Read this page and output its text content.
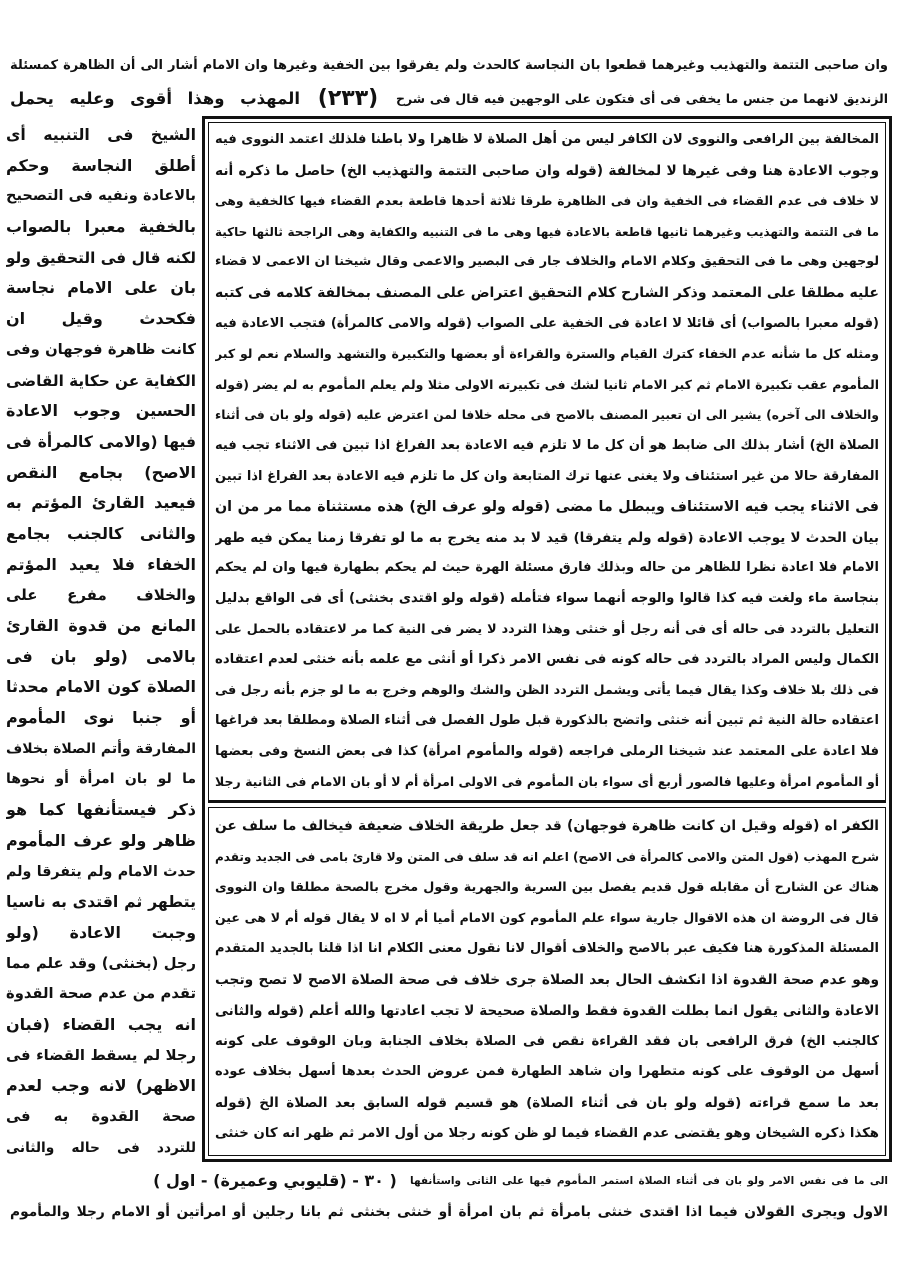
وان صاحبى التتمة والتهذيب وغيرهما قطعوا بان النجاسة كالحدث ولم يفرقوا بين الخفية وغيرها وان الامام أشار الى أن الظاهرة كمسئلة
الزنديق لانهما من جنس ما يخفى فى أى فتكون على الوجهين فيه قال فى شرح
(٢٣٣)
المهذب وهذا أقوى وعليه يحمل
الشيخ فى التنبيه أى
أطلق النجاسة وحكم
بالاعادة ونفيه فى التصحيح
بالخفية معبرا بالصواب
لكنه قال فى التحقيق ولو
بان على الامام نجاسة
فكحدث وقيل ان
كانت ظاهرة فوجهان وفى
الكفاية عن حكاية القاضى
الحسين وجوب الاعادة
فيها (والامى كالمرأة فى
الاصح) بجامع النقص
فيعيد القارئ المؤتم به
والثانى كالجنب بجامع
الخفاء فلا يعيد المؤتم
والخلاف مفرع على
المانع من قدوة القارئ
بالامى (ولو بان فى
الصلاة كون الامام محدثا
أو جنبا نوى المأموم
المفارقة وأتم الصلاة بخلاف
ما لو بان امرأة أو نحوها
ذكر فيستأنفها كما هو
ظاهر ولو عرف المأموم
حدث الامام ولم يتفرقا ولم
يتطهر ثم اقتدى به ناسيا
وجبت الاعادة (ولو
رجل (بخنثى) وقد علم مما
تقدم من عدم صحة القدوة
انه يجب القضاء (فبان
رجلا لم يسقط القضاء فى
الاظهر) لانه وجب لعدم
صحة القدوة به فى
للتردد فى حاله والثانى
المخالفة بين الرافعى والنووى لان الكافر ليس من أهل الصلاة لا ظاهرا ولا باطنا فلذلك اعتمد النووى فيه
وجوب الاعادة هنا وفى غيرها لا لمخالفة (قوله وان صاحبى التتمة والتهذيب الخ) حاصل ما ذكره أنه
لا خلاف فى عدم القضاء فى الخفية وان فى الظاهرة طرقا ثلاثة أحدها قاطعة بعدم القضاء فيها كالخفية وهى
ما فى التتمة والتهذيب وغيرهما ثانيها قاطعة بالاعادة فيها وهى ما فى التنبيه والكفاية وهى الراجحة ثالثها حاكية
لوجهين وهى ما فى التحقيق وكلام الامام والخلاف جار فى البصير والاعمى وقال شيخنا ان الاعمى لا قضاء
عليه مطلقا على المعتمد وذكر الشارح كلام التحقيق اعتراض على المصنف بمخالفة كلامه فى كتبه
(قوله معبرا بالصواب) أى قائلا لا اعادة فى الخفية على الصواب (قوله والامى كالمرأة) فتجب الاعادة فيه
ومثله كل ما شأنه عدم الخفاء كترك القيام والسترة والقراءة أو بعضها والتكبيرة والتشهد والسلام نعم لو كبر
المأموم عقب تكبيرة الامام ثم كبر الامام ثانيا لشك فى تكبيرته الاولى مثلا ولم يعلم المأموم به لم يضر (قوله
والخلاف الى آخره) يشير الى ان تعبير المصنف بالاصح فى محله خلافا لمن اعترض عليه (قوله ولو بان فى أثناء
الصلاة الخ) أشار بذلك الى ضابط هو أن كل ما لا تلزم فيه الاعادة بعد الفراغ اذا تبين فى الاثناء تجب فيه
المفارقة حالا من غير استئناف ولا يغنى عنها ترك المتابعة وان كل ما تلزم فيه الاعادة بعد الفراغ اذا تبين
فى الاثناء يجب فيه الاستئناف ويبطل ما مضى (قوله ولو عرف الخ) هذه مستثناة مما مر من ان
بيان الحدث لا يوجب الاعادة (قوله ولم يتفرقا) قيد لا بد منه يخرج به ما لو تفرقا زمنا يمكن فيه طهر
الامام فلا اعادة نظرا للظاهر من حاله وبذلك فارق مسئلة الهرة حيث لم يحكم بطهارة فيها وان لم يحكم
بنجاسة ماء ولغت فيه كذا قالوا والوجه أنهما سواء فتأمله (قوله ولو اقتدى بخنثى) أى فى الواقع بدليل
التعليل بالتردد فى حاله أى فى أنه رجل أو خنثى وهذا التردد لا يضر فى النية كما مر لاعتقاده بالحمل على
الكمال وليس المراد بالتردد فى حاله كونه فى نفس الامر ذكرا أو أنثى مع علمه بأنه خنثى لعدم اعتقاده
فى ذلك بلا خلاف وكذا يقال فيما يأتى ويشمل التردد الظن والشك والوهم وخرج به ما لو جزم بأنه رجل فى
اعتقاده حالة النية ثم تبين أنه خنثى واتضح بالذكورة قبل طول الفصل فى أثناء الصلاة ومطلقا بعد فراغها
فلا اعادة على المعتمد عند شيخنا الرملى فراجعه (قوله والمأموم امرأة) كذا فى بعض النسخ وفى بعضها
أو المأموم امرأة وعليها فالصور أربع أى سواء بان المأموم فى الاولى امرأة أم لا أو بان الامام فى الثانية رجلا
الكفر اه (قوله وقيل ان كانت ظاهرة فوجهان) قد جعل طريقة الخلاف ضعيفة فيخالف ما سلف عن
شرح المهذب (قول المتن والامى كالمرأة فى الاصح) اعلم انه قد سلف فى المتن ولا قارئ بامى فى الجديد وتقدم
هناك عن الشارح أن مقابله قول قديم يفصل بين السرية والجهرية وقول مخرج بالصحة مطلقا وان النووى
قال فى الروضة ان هذه الاقوال جارية سواء علم المأموم كون الامام أميا أم لا اه لا يقال قوله أم لا هى عين
المسئلة المذكورة هنا فكيف عبر بالاصح والخلاف أقوال لانا نقول معنى الكلام انا اذا قلنا بالجديد المتقدم
وهو عدم صحة القدوة اذا انكشف الحال بعد الصلاة جرى خلاف فى صحة الصلاة الاصح لا تصح وتجب
الاعادة والثانى يقول انما بطلت القدوة فقط والصلاة صحيحة لا تجب اعادتها والله أعلم (قوله والثانى
كالجنب الخ) فرق الرافعى بان فقد القراءة نقص فى الصلاة بخلاف الجنابة وبان الوقوف على كونه
أسهل من الوقوف على كونه متطهرا وان شاهد الطهارة فمن عروض الحدث بعدها أسهل بخلاف عوده
بعد ما سمع قراءته (قوله ولو بان فى أثناء الصلاة) هو قسيم قوله السابق بعد الصلاة الخ (قوله
هكذا ذكره الشيخان وهو يقتضى عدم القضاء فيما لو ظن كونه رجلا من أول الامر ثم ظهر انه كان خنثى
الى ما فى نفس الامر ولو بان فى أثناء الصلاة استمر المأموم فيها على الثانى واستأنفها
( ٣٠ - (قليوبي وعميرة) - اول )
الاول ويجرى القولان فيما اذا اقتدى خنثى بامرأة ثم بان امرأة أو خنثى بخنثى ثم بانا رجلين أو امرأتين أو الامام رجلا والمأموم
